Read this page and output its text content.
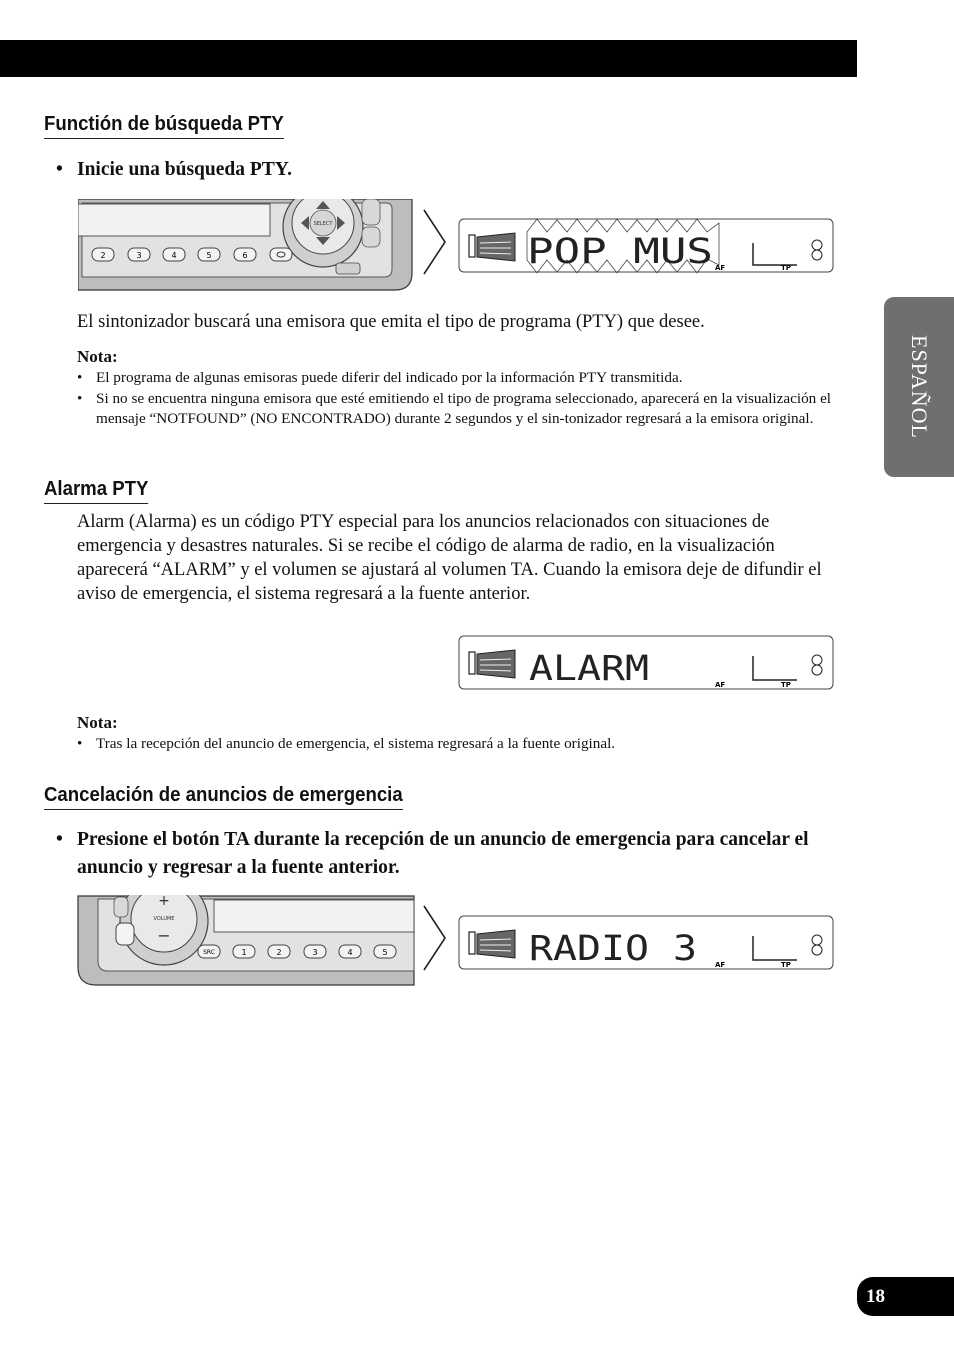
ESPAÑOL
Functión de búsqueda PTY
• Inicie una búsqueda PTY.
SELECT
2	3	4	5	6	POP MUS AF	TP

El sintonizador buscará una emisora que emita el tipo de programa (PTY) que desee.

Nota:
• El programa de algunas emisoras puede diferir del indicado por la información PTY transmitida.
• Si no se encuentra ninguna emisora que esté emitiendo el tipo de programa seleccionado, aparecerá en la visualización el mensaje “NOTFOUND” (NO ENCONTRADO) durante 2 segundos y el sin-tonizador regresará a la emisora original.
Alarma PTY

Alarm (Alarma) es un código PTY especial para los anuncios relacionados con situaciones de emergencia y desastres naturales. Si se recibe el código de alarma de radio, en la visualización aparecerá “ALARM” y el volumen se ajustará al volumen TA. Cuando la emisora deje de difundir el aviso de emergencia, el sistema regresará a la fuente anterior.

ALARM	AF	TP
Nota:
• Tras la recepción del anuncio de emergencia, el sistema regresará a la fuente original.
Cancelación de anuncios de emergencia
• Presione el botón TA durante la recepción de un anuncio de emergencia para cancelar el anuncio y regresar a la fuente anterior.
+
−
VOLUME
SRC	1	2	3	4	5	RADIO 3	AF	TP
18
